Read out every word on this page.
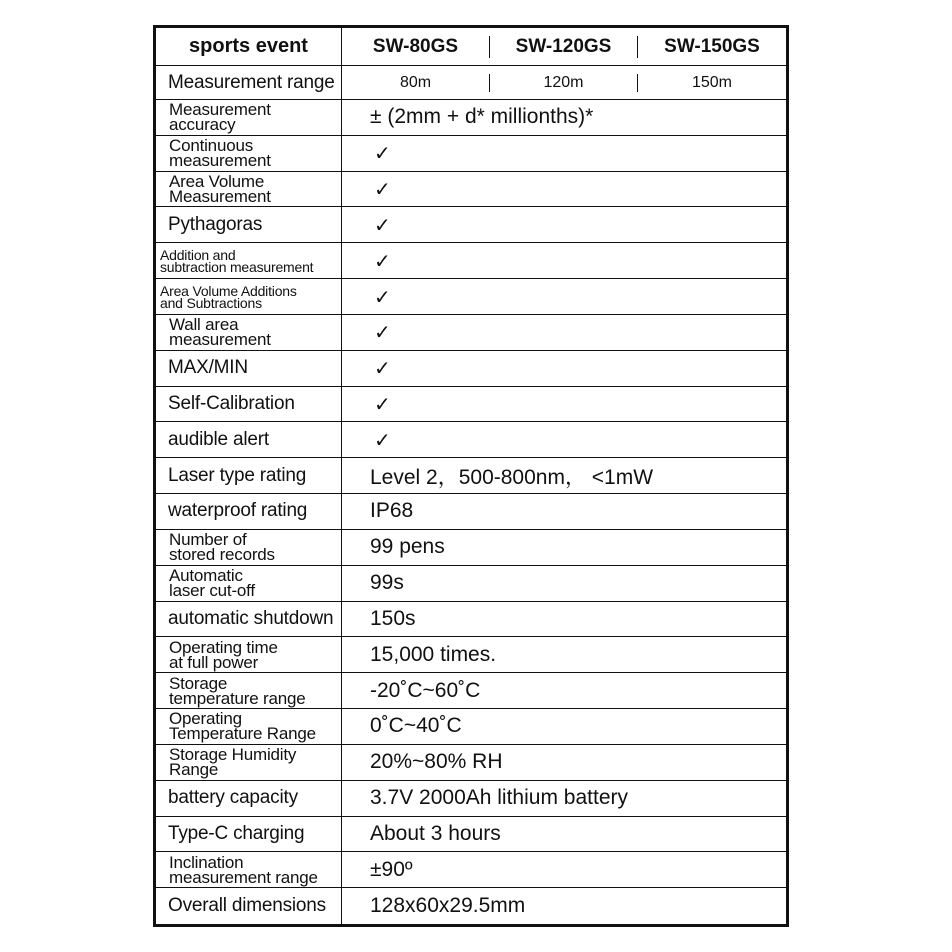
sports event	SW-80GS	SW-120GS	SW-150GS
Measurement range	80m	120m	150m
Measurement
accuracy	± (2mm + d* millionths)*
Continuous
measurement	✓
Area Volume
Measurement	✓
Pythagoras	✓
Addition and
subtraction measurement	✓
Area Volume Additions
and Subtractions	✓
Wall area
measurement	✓
MAX/MIN	✓
Self-Calibration	✓
audible alert	✓
Laser type rating	Level 2，500-800nm， <1mW
waterproof rating	IP68
Number of
stored records	99 pens
Automatic
laser cut-off	99s
automatic shutdown	150s
Operating time
at full power	15,000 times.
Storage
temperature range	-20˚C~60˚C
Operating
Temperature Range	0˚C~40˚C
Storage Humidity
Range	20%~80% RH
battery capacity	3.7V 2000Ah lithium battery
Type-C charging	About 3 hours
Inclination
measurement range	±90º
Overall dimensions	128x60x29.5mm
